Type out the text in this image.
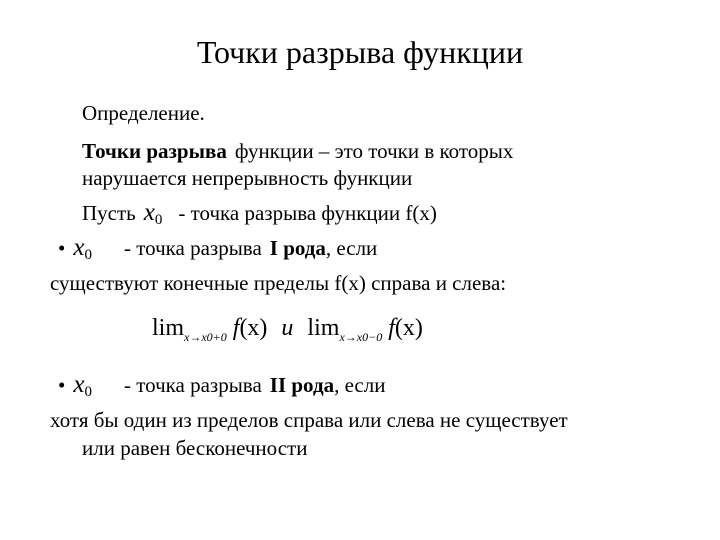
Точки разрыва функции
Определение.
Точки разрыва функции – это точки в которых
нарушается непрерывность функции
Пусть $x_0$ - точка разрыва функции f(x)
• $x_0$ - точка разрыва I рода, если
существуют конечные пределы f(x) справа и слева:
$\lim_{x\to x0+0} f(x)$ и $\lim_{x\to x0-0} f(x)$
• $x_0$ - точка разрыва II рода, если
хотя бы один из пределов справа или слева не существует
или равен бесконечности
